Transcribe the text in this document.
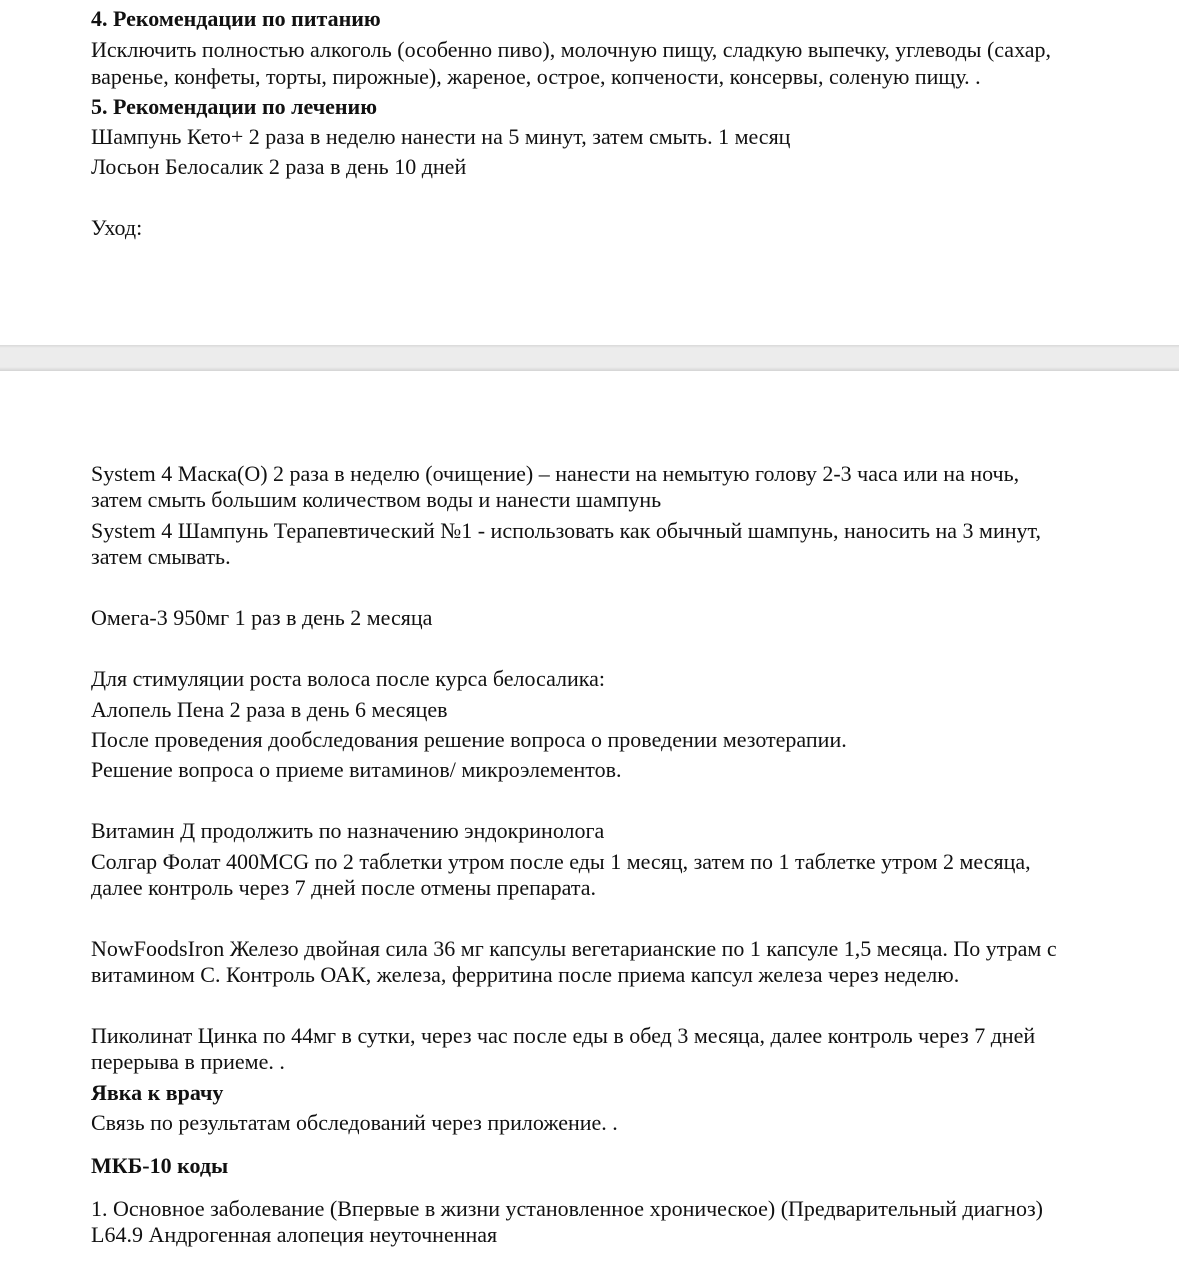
4. Рекомендации по питанию

Исключить полностью алкоголь (особенно пиво), молочную пищу, сладкую выпечку, углеводы (сахар,

варенье, конфеты, торты, пирожные), жареное, острое, копчености, консервы, соленую пищу. .

5. Рекомендации по лечению

Шампунь Кето+ 2 раза в неделю нанести на 5 минут, затем смыть. 1 месяц

Лосьон Белосалик 2 раза в день 10 дней

Уход:

System 4 Маска(О) 2 раза в неделю (очищение) – нанести на немытую голову 2-3 часа или на ночь,

затем смыть большим количеством воды и нанести шампунь

System 4 Шампунь Терапевтический №1 - использовать как обычный шампунь, наносить на 3 минут,

затем смывать.

Омега-3 950мг 1 раз в день 2 месяца

Для стимуляции роста волоса после курса белосалика:

Алопель Пена 2 раза в день 6 месяцев

После проведения дообследования решение вопроса о проведении мезотерапии.

Решение вопроса о приеме витаминов/ микроэлементов.

Витамин Д продолжить по назначению эндокринолога

Солгар Фолат 400MCG по 2 таблетки утром после еды 1 месяц, затем по 1 таблетке утром 2 месяца,

далее контроль через 7 дней после отмены препарата.

NowFoodsIron Железо двойная сила 36 мг капсулы вегетарианские по 1 капсуле 1,5 месяца. По утрам с

витамином С. Контроль ОАК, железа, ферритина после приема капсул железа через неделю.

Пиколинат Цинка по 44мг в сутки, через час после еды в обед 3 месяца, далее контроль через 7 дней

перерыва в приеме. .

Явка к врачу

Связь по результатам обследований через приложение. .

МКБ-10 коды

1. Основное заболевание (Впервые в жизни установленное хроническое) (Предварительный диагноз)

L64.9 Андрогенная алопеция неуточненная
